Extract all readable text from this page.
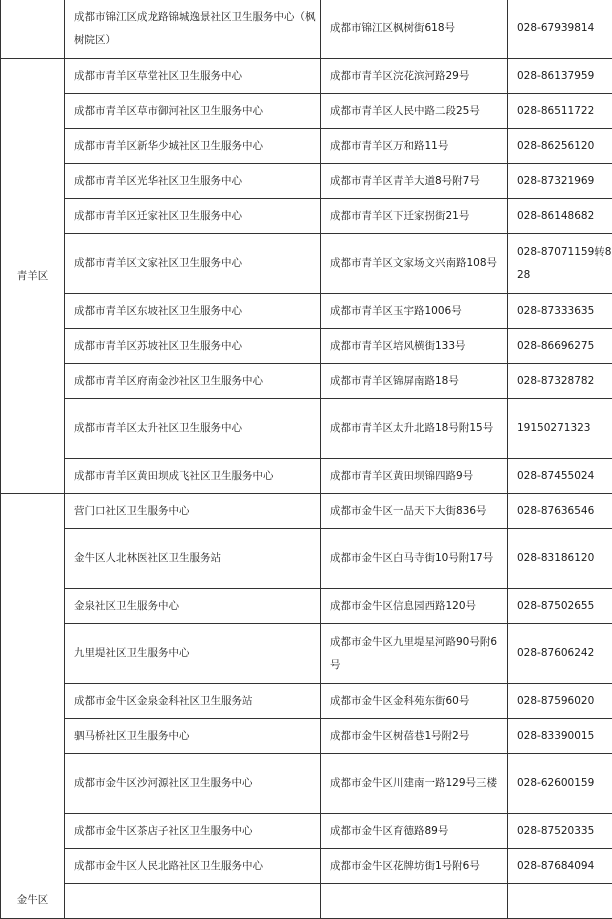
	成都市锦江区成龙路锦城逸景社区卫生服务中心（枫树院区）	成都市锦江区枫树街618号	028-67939814
青羊区	成都市青羊区草堂社区卫生服务中心	成都市青羊区浣花滨河路29号	028-86137959
	成都市青羊区草市御河社区卫生服务中心	成都市青羊区人民中路二段25号	028-86511722
	成都市青羊区新华少城社区卫生服务中心	成都市青羊区万和路11号	028-86256120
	成都市青羊区光华社区卫生服务中心	成都市青羊区青羊大道8号附7号	028-87321969
	成都市青羊区迁家社区卫生服务中心	成都市青羊区下迁家拐街21号	028-86148682
	成都市青羊区文家社区卫生服务中心	成都市青羊区文家场文兴南路108号	028-87071159转828
	成都市青羊区东坡社区卫生服务中心	成都市青羊区玉宇路1006号	028-87333635
	成都市青羊区苏坡社区卫生服务中心	成都市青羊区培风横街133号	028-86696275
	成都市青羊区府南金沙社区卫生服务中心	成都市青羊区锦屏南路18号	028-87328782
	成都市青羊区太升社区卫生服务中心	成都市青羊区太升北路18号附15号	19150271323
	成都市青羊区黄田坝成飞社区卫生服务中心	成都市青羊区黄田坝锦四路9号	028-87455024
金牛区	营门口社区卫生服务中心	成都市金牛区一品天下大街836号	028-87636546
	金牛区人北林医社区卫生服务站	成都市金牛区白马寺街10号附17号	028-83186120
	金泉社区卫生服务中心	成都市金牛区信息园西路120号	028-87502655
	九里堤社区卫生服务中心	成都市金牛区九里堤星河路90号附6号	028-87606242
	成都市金牛区金泉金科社区卫生服务站	成都市金牛区金科苑东街60号	028-87596020
	驷马桥社区卫生服务中心	成都市金牛区树蓓巷1号附2号	028-83390015
	成都市金牛区沙河源社区卫生服务中心	成都市金牛区川建南一路129号三楼	028-62600159
	成都市金牛区茶店子社区卫生服务中心	成都市金牛区育德路89号	028-87520335
	成都市金牛区人民北路社区卫生服务中心	成都市金牛区花牌坊街1号附6号	028-87684094
